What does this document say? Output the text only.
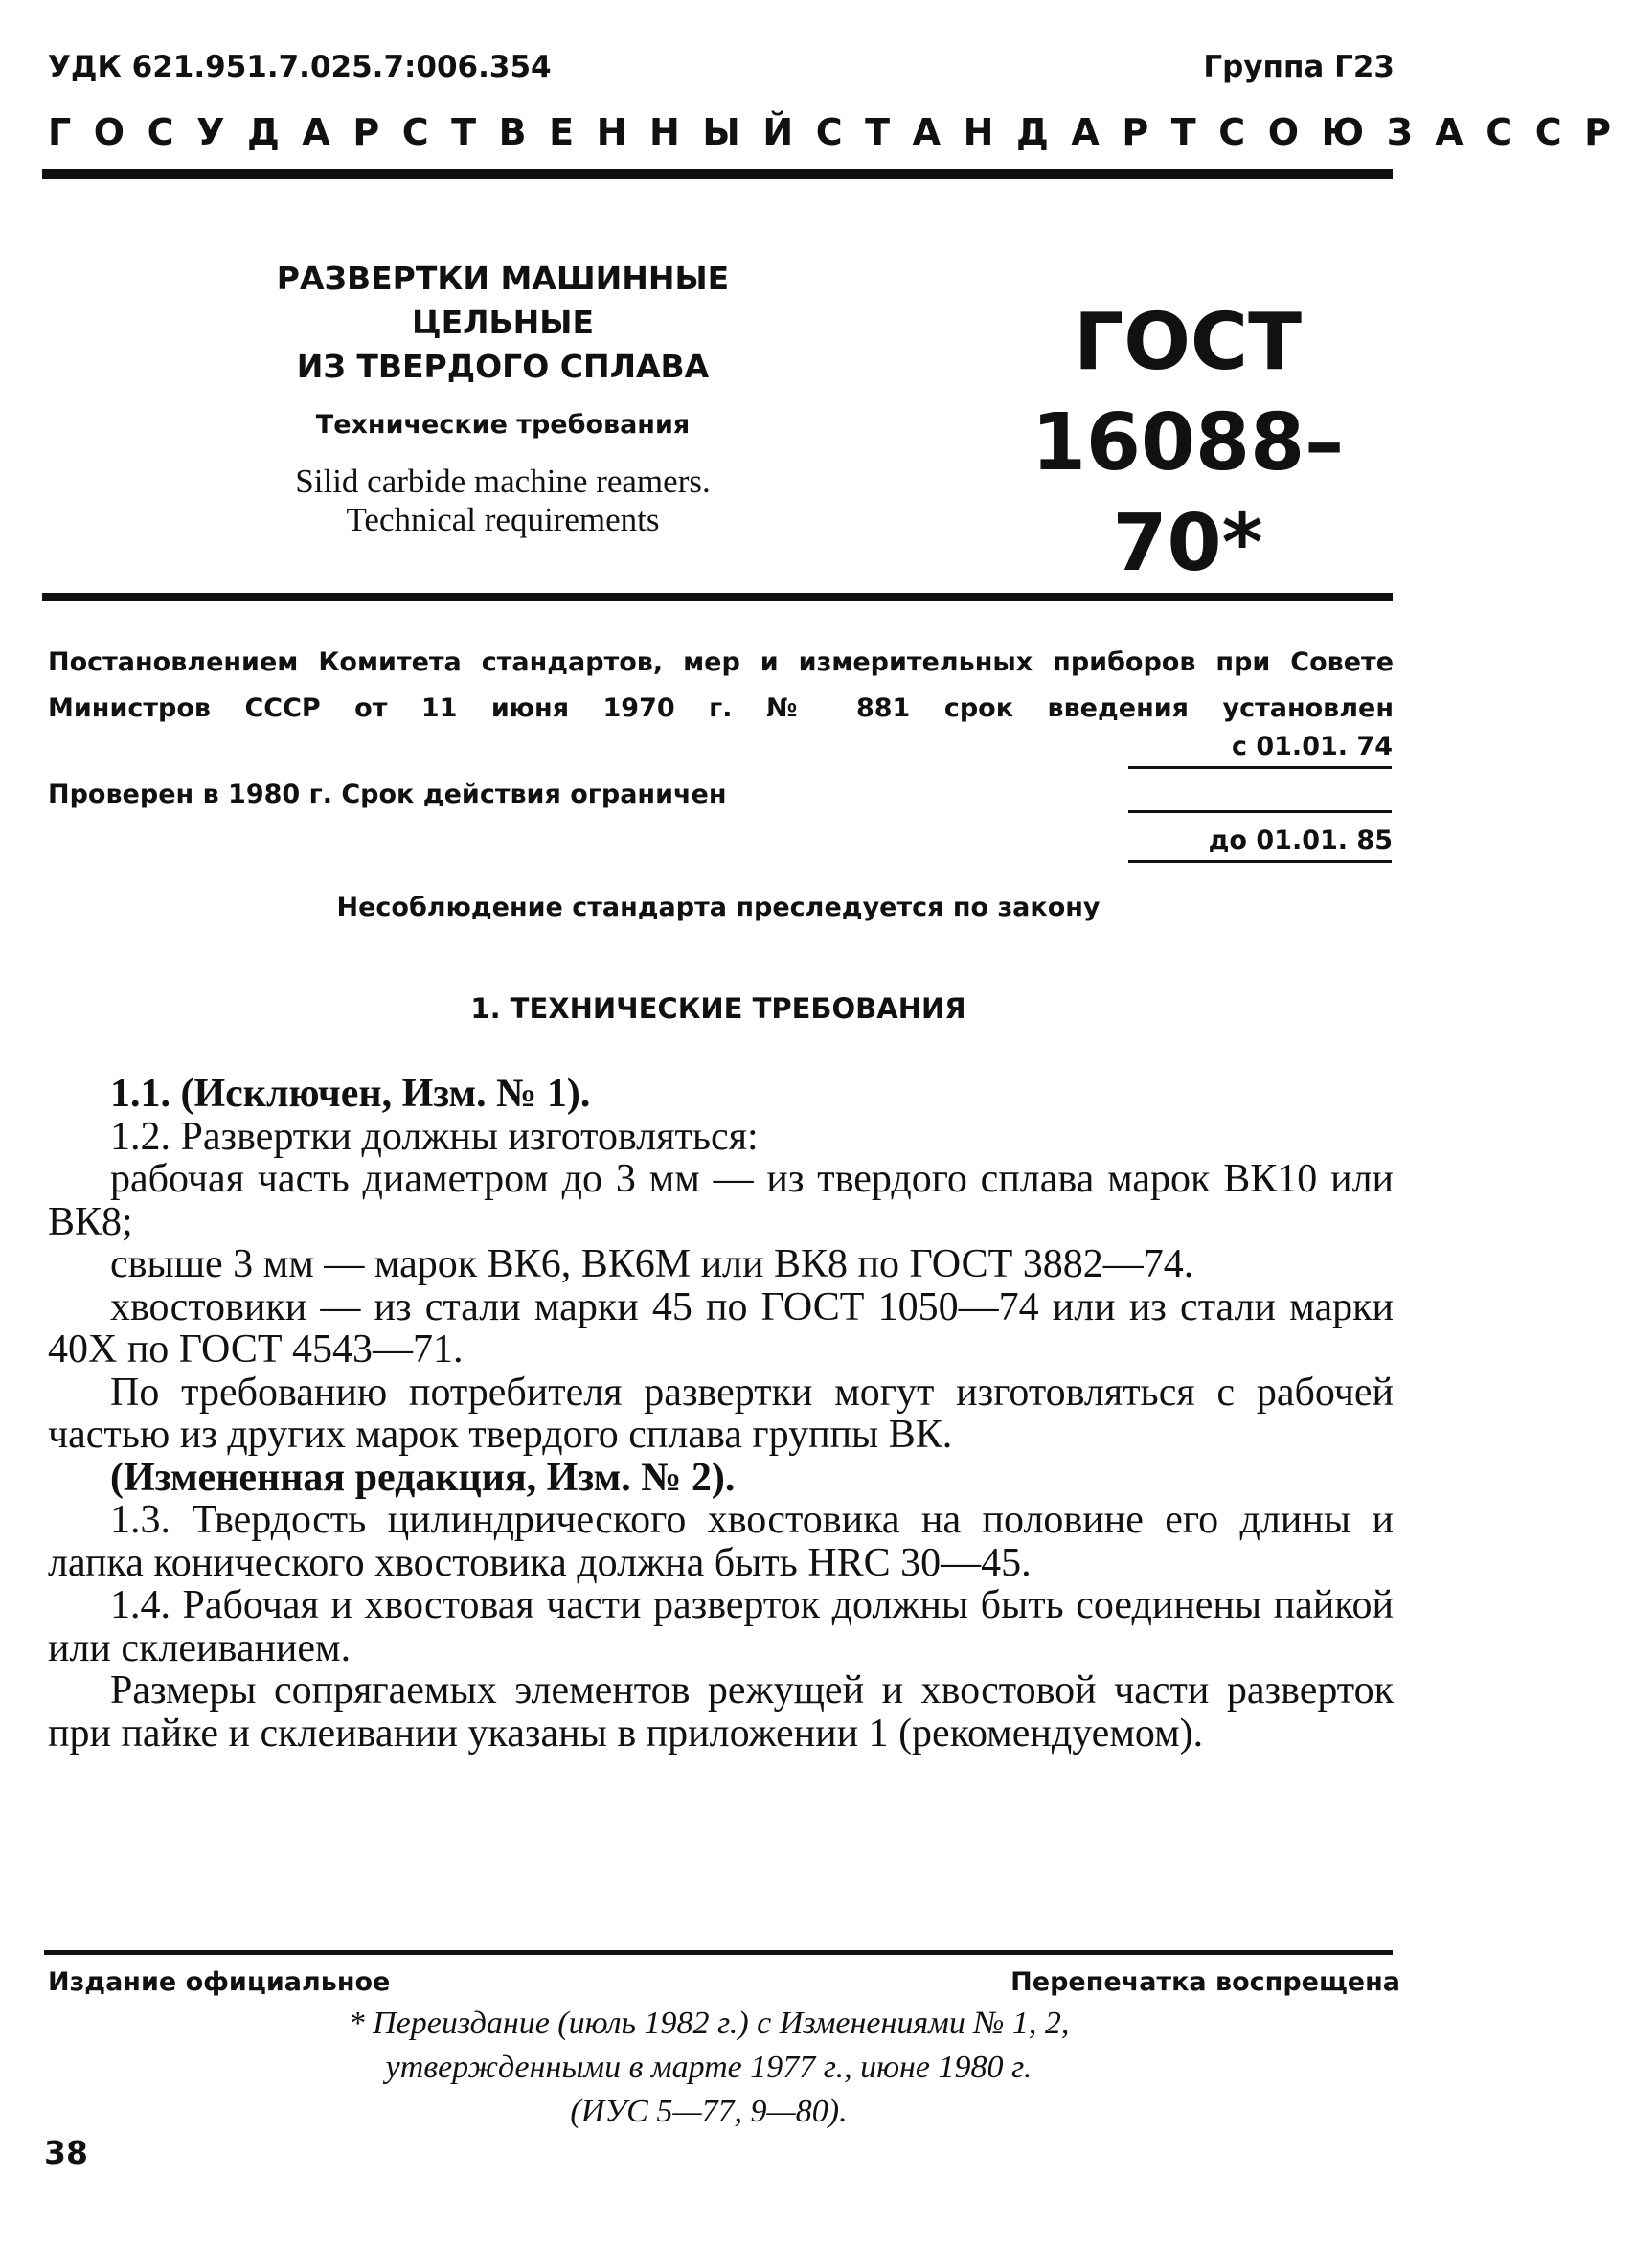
УДК 621.951.7.025.7:006.354	Группа Г23
ГОСУДАРСТВЕННЫЙ СТАНДАРТ СОЮЗА ССР
РАЗВЕРТКИ МАШИННЫЕ ЦЕЛЬНЫЕ
ИЗ ТВЕРДОГО СПЛАВА
Технические требования
Silid carbide machine reamers.
Technical requirements
ГОСТ
16088–70*
Постановлением Комитета стандартов, мер и измерительных приборов при Совете Министров СССР от 11 июня 1970 г. № 881 срок введения установлен
с 01.01. 74
Проверен в 1980 г. Срок действия ограничен
до 01.01. 85
Несоблюдение стандарта преследуется по закону
1. ТЕХНИЧЕСКИЕ ТРЕБОВАНИЯ

1.1. (Исключен, Изм. № 1).

1.2. Развертки должны изготовляться:

рабочая часть диаметром до 3 мм — из твердого сплава марок ВК10 или ВК8;

свыше 3 мм — марок ВК6, ВК6М или ВК8 по ГОСТ 3882—74.

хвостовики — из стали марки 45 по ГОСТ 1050—74 или из стали марки 40Х по ГОСТ 4543—71.

По требованию потребителя развертки могут изготовляться с рабочей частью из других марок твердого сплава группы ВК.

(Измененная редакция, Изм. № 2).

1.3. Твердость цилиндрического хвостовика на половине его длины и лапка конического хвостовика должна быть HRC 30—45.

1.4. Рабочая и хвостовая части разверток должны быть соединены пайкой или склеиванием.

Размеры сопрягаемых элементов режущей и хвостовой части разверток при пайке и склеивании указаны в приложении 1 (рекомендуемом).

Издание официальное	Перепечатка воспрещена
* Переиздание (июль 1982 г.) с Изменениями № 1, 2,
утвержденными в марте 1977 г., июне 1980 г.
(ИУС 5—77, 9—80).
38
